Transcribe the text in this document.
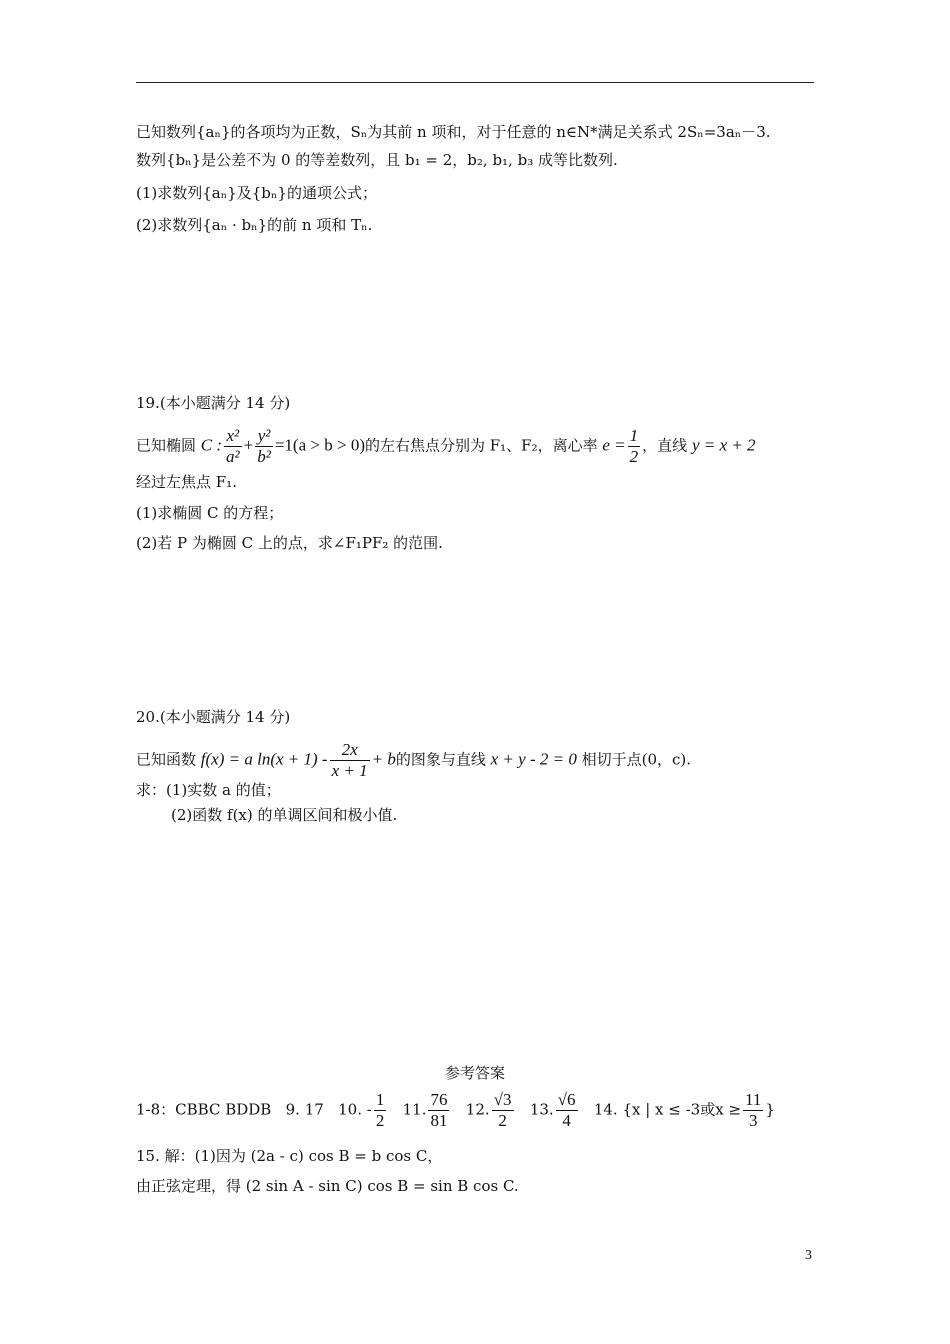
已知数列{aₙ}的各项均为正数，Sₙ为其前 n 项和，对于任意的 n∈N*满足关系式 2Sₙ=3aₙ－3.
数列{bₙ}是公差不为 0 的等差数列，且 b₁ = 2，b₂, b₁, b₃ 成等比数列.
(1)求数列{aₙ}及{bₙ}的通项公式；
(2)求数列{aₙ · bₙ}的前 n 项和 Tₙ.
19.(本小题满分 14 分)
已知椭圆 C : $\frac{\text{x²}}{\text{a²}} + \frac{\text{y²}}{\text{b²}} =1(a > b > 0)$的左右焦点分别为 F₁、F₂，离心率 $e = \frac{1}{2}$ ，直线 y = x + 2
经过左焦点 F₁.
(1)求椭圆 C 的方程；
(2)若 P 为椭圆 C 上的点，求∠F₁PF₂ 的范围.
20.(本小题满分 14 分)
已知函数 f(x) = a $\ln(x + 1) - \frac{2x}{x + 1} + b$的图象与直线 x + y - 2 = 0 相切于点(0，c).
求：(1)实数 a 的值；
(2)函数 f(x) 的单调区间和极小值.
参考答案
1-8：CBBC BDDB 9. 17 10. - $\frac{1}{2} 11$. $\frac{76}{81} 12$. $\frac{√3}{2} 13$. $\frac{√6}{4} 14$. {x | x ≤ -3或$x \ge \frac{11}{3}$ }
15. 解：(1)因为 (2a - c) cos B = b cos C，
由正弦定理，得 (2 sin A - sin C) cos B = sin B cos C.
3
